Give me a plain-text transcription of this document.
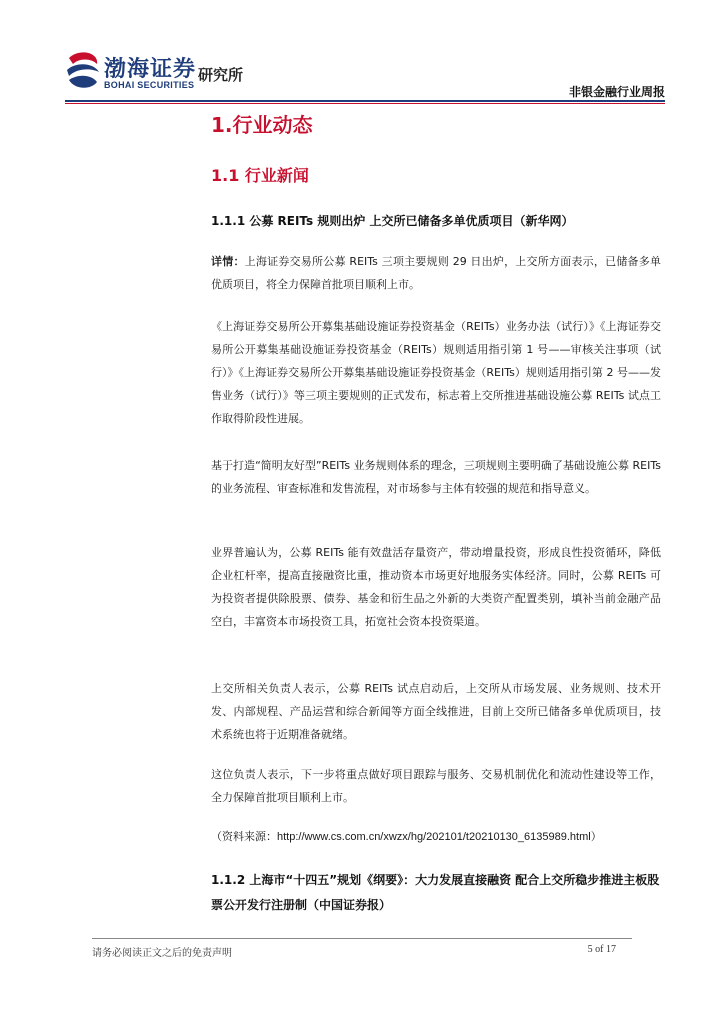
渤海证券
BOHAI SECURITIES
研究所
非银金融行业周报
1.行业动态
1.1 行业新闻
1.1.1 公募 REITs 规则出炉 上交所已储备多单优质项目（新华网）
详情：上海证券交易所公募 REITs 三项主要规则 29 日出炉，上交所方面表示，已储备多单优质项目，将全力保障首批项目顺利上市。
《上海证券交易所公开募集基础设施证券投资基金（REITs）业务办法（试行）》《上海证券交易所公开募集基础设施证券投资基金（REITs）规则适用指引第 1 号——审核关注事项（试行）》《上海证券交易所公开募集基础设施证券投资基金（REITs）规则适用指引第 2 号——发售业务（试行）》等三项主要规则的正式发布，标志着上交所推进基础设施公募 REITs 试点工作取得阶段性进展。
基于打造“简明友好型”REITs 业务规则体系的理念，三项规则主要明确了基础设施公募 REITs 的业务流程、审查标准和发售流程，对市场参与主体有较强的规范和指导意义。
业界普遍认为，公募 REITs 能有效盘活存量资产，带动增量投资，形成良性投资循环，降低企业杠杆率，提高直接融资比重，推动资本市场更好地服务实体经济。同时，公募 REITs 可为投资者提供除股票、债券、基金和衍生品之外新的大类资产配置类别，填补当前金融产品空白，丰富资本市场投资工具，拓宽社会资本投资渠道。
上交所相关负责人表示，公募 REITs 试点启动后，上交所从市场发展、业务规则、技术开发、内部规程、产品运营和综合新闻等方面全线推进，目前上交所已储备多单优质项目，技术系统也将于近期准备就绪。
这位负责人表示，下一步将重点做好项目跟踪与服务、交易机制优化和流动性建设等工作，全力保障首批项目顺利上市。
（资料来源：http://www.cs.com.cn/xwzx/hg/202101/t20210130_6135989.html）
1.1.2 上海市“十四五”规划《纲要》：大力发展直接融资 配合上交所稳步推进主板股票公开发行注册制（中国证券报）
请务必阅读正文之后的免责声明	5 of 17
